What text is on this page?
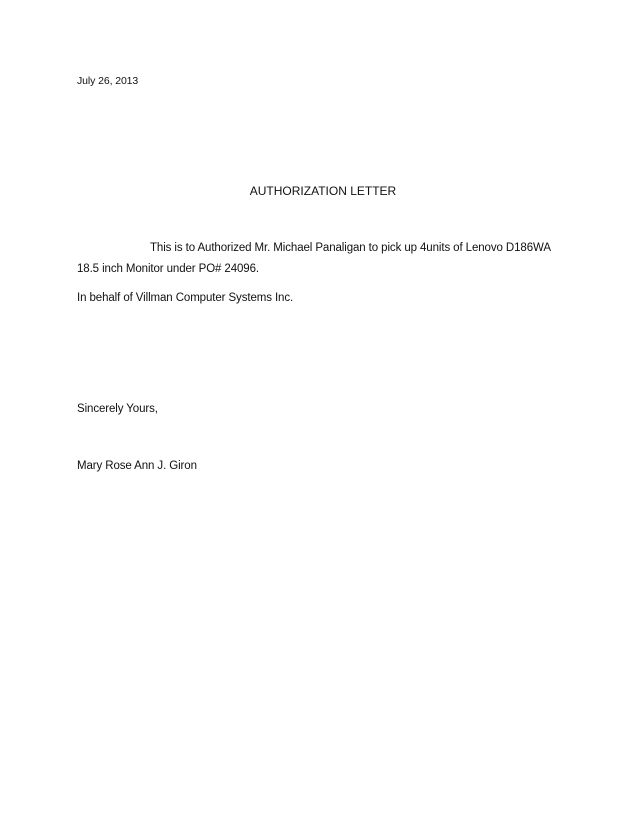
July 26, 2013
AUTHORIZATION LETTER
This is to Authorized Mr. Michael Panaligan to pick up 4units of Lenovo D186WA
18.5 inch Monitor under PO# 24096.
In behalf of Villman Computer Systems Inc.
Sincerely Yours,
Mary Rose Ann J. Giron
